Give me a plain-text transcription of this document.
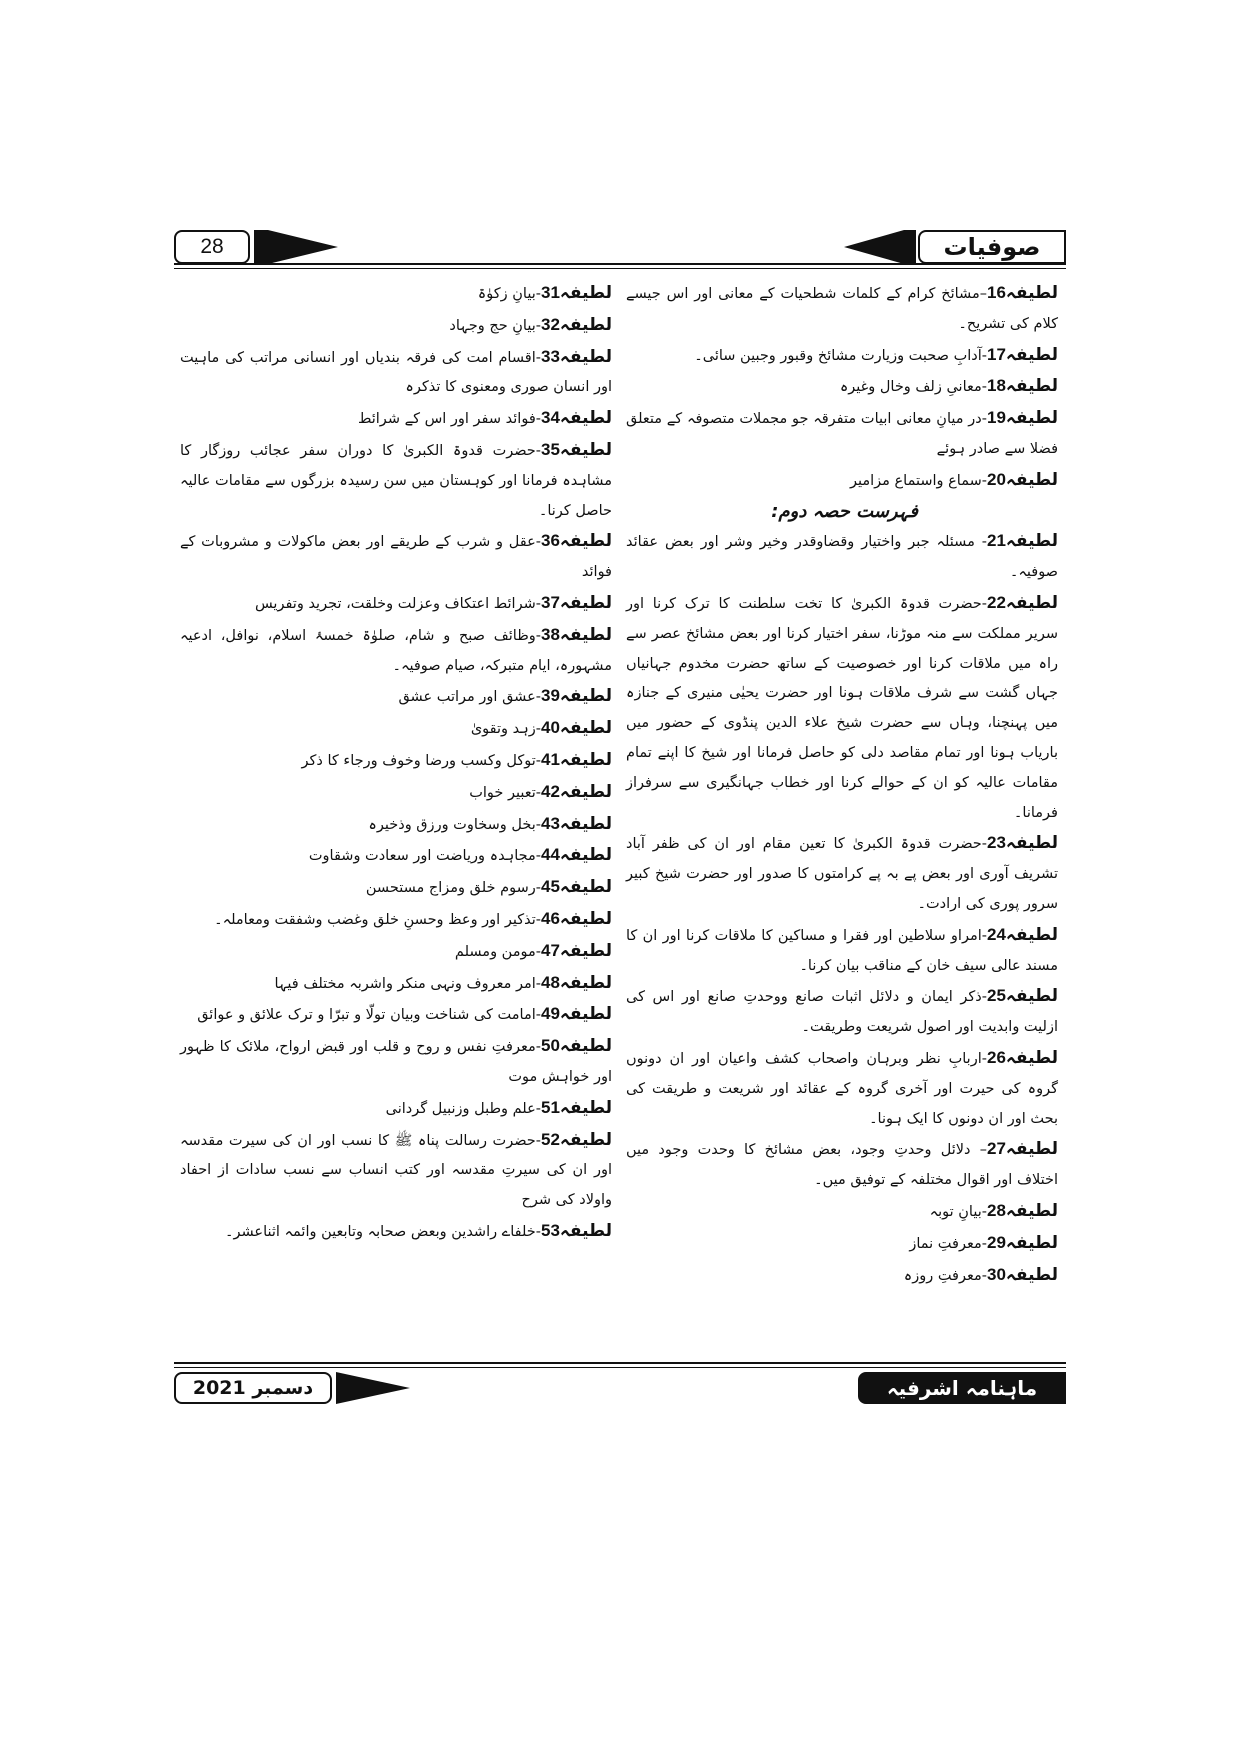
28	صوفیات

لطیفہ16–مشائخ کرام کے کلمات شطحیات کے معانی اور اس جیسے کلام کی تشریح۔

لطیفہ17-آدابِ صحبت وزیارت مشائخ وقبور وجبین سائی۔

لطیفہ18-معانیِ زلف وخال وغیرہ

لطیفہ19-در میانِ معانی ابیات متفرقہ جو مجملات متصوفہ کے متعلق فضلا سے صادر ہوئے

لطیفہ20-سماع واستماع مزامیر

فہرست حصہ دوم:

لطیفہ21- مسئلہ جبر واختیار وقضاوقدر وخیر وشر اور بعض عقائد صوفیہ۔

لطیفہ22-حضرت قدوۃ الکبریٰ کا تخت سلطنت کا ترک کرنا اور سریر مملکت سے منہ موڑنا، سفر اختیار کرنا اور بعض مشائخ عصر سے راہ میں ملاقات کرنا اور خصوصیت کے ساتھ حضرت مخدوم جہانیاں جہاں گشت سے شرف ملاقات ہونا اور حضرت یحیٰی منیری کے جنازہ میں پہنچنا، وہاں سے حضرت شیخ علاء الدین پنڈوی کے حضور میں باریاب ہونا اور تمام مقاصد دلی کو حاصل فرمانا اور شیخ کا اپنے تمام مقامات عالیہ کو ان کے حوالے کرنا اور خطاب جہانگیری سے سرفراز فرمانا۔

لطیفہ23-حضرت قدوۃ الکبریٰ کا تعین مقام اور ان کی ظفر آباد تشریف آوری اور بعض پے بہ پے کرامتوں کا صدور اور حضرت شیخ کبیر سرور پوری کی ارادت۔

لطیفہ24-امراو سلاطین اور فقرا و مساکین کا ملاقات کرنا اور ان کا مسند عالی سیف خان کے مناقب بیان کرنا۔

لطیفہ25-ذکر ایمان و دلائل اثبات صانع ووحدتِ صانع اور اس کی ازلیت وابدیت اور اصول شریعت وطریقت۔

لطیفہ26-اربابِ نظر وبرہان واصحاب کشف واعیان اور ان دونوں گروہ کی حیرت اور آخری گروہ کے عقائد اور شریعت و طریقت کی بحث اور ان دونوں کا ایک ہونا۔

لطیفہ27– دلائل وحدتِ وجود، بعض مشائخ کا وحدت وجود میں اختلاف اور اقوال مختلفہ کے توفیق میں۔

لطیفہ28-بیانِ توبہ

لطیفہ29-معرفتِ نماز

لطیفہ30-معرفتِ روزہ

لطیفہ31-بیانِ زکوٰۃ

لطیفہ32-بیانِ حج وجہاد

لطیفہ33-اقسام امت کی فرقہ بندیاں اور انسانی مراتب کی ماہیت اور انسان صوری ومعنوی کا تذکرہ

لطیفہ34-فوائد سفر اور اس کے شرائط

لطیفہ35-حضرت قدوۃ الکبریٰ کا دوران سفر عجائب روزگار کا مشاہدہ فرمانا اور کوہستان میں سن رسیدہ بزرگوں سے مقامات عالیہ حاصل کرنا۔

لطیفہ36-عقل و شرب کے طریقے اور بعض ماکولات و مشروبات کے فوائد

لطیفہ37-شرائط اعتکاف وعزلت وخلقت، تجرید وتفریس

لطیفہ38-وظائف صبح و شام، صلوٰۃ خمسۂ اسلام، نوافل، ادعیہ مشہورہ، ایام متبرکہ، صیام صوفیہ۔

لطیفہ39-عشق اور مراتب عشق

لطیفہ40-زہد وتقویٰ

لطیفہ41-توکل وکسب ورضا وخوف ورجاء کا ذکر

لطیفہ42-تعبیر خواب

لطیفہ43-بخل وسخاوت ورزق وذخیرہ

لطیفہ44-مجاہدہ وریاضت اور سعادت وشقاوت

لطیفہ45-رسوم خلق ومزاج مستحسن

لطیفہ46-تذکیر اور وعظ وحسنِ خلق وغضب وشفقت ومعاملہ۔

لطیفہ47-مومن ومسلم

لطیفہ48-امر معروف ونہی منکر واشربہ مختلف فیہا

لطیفہ49-امامت کی شناخت وبیان تولّا و تبرّا و ترک علائق و عوائق

لطیفہ50-معرفتِ نفس و روح و قلب اور قبض ارواح، ملائک کا ظہور اور خواہش موت

لطیفہ51-علم وطبل وزنبیل گردانی

لطیفہ52-حضرت رسالت پناہ ﷺ کا نسب اور ان کی سیرت مقدسہ اور ان کی سیرتِ مقدسہ اور کتب انساب سے نسب سادات از احفاد واولاد کی شرح

لطیفہ53-خلفاے راشدین وبعض صحابہ وتابعین وائمہ اثناعشر۔

دسمبر 2021	ماہنامہ اشرفیہ
